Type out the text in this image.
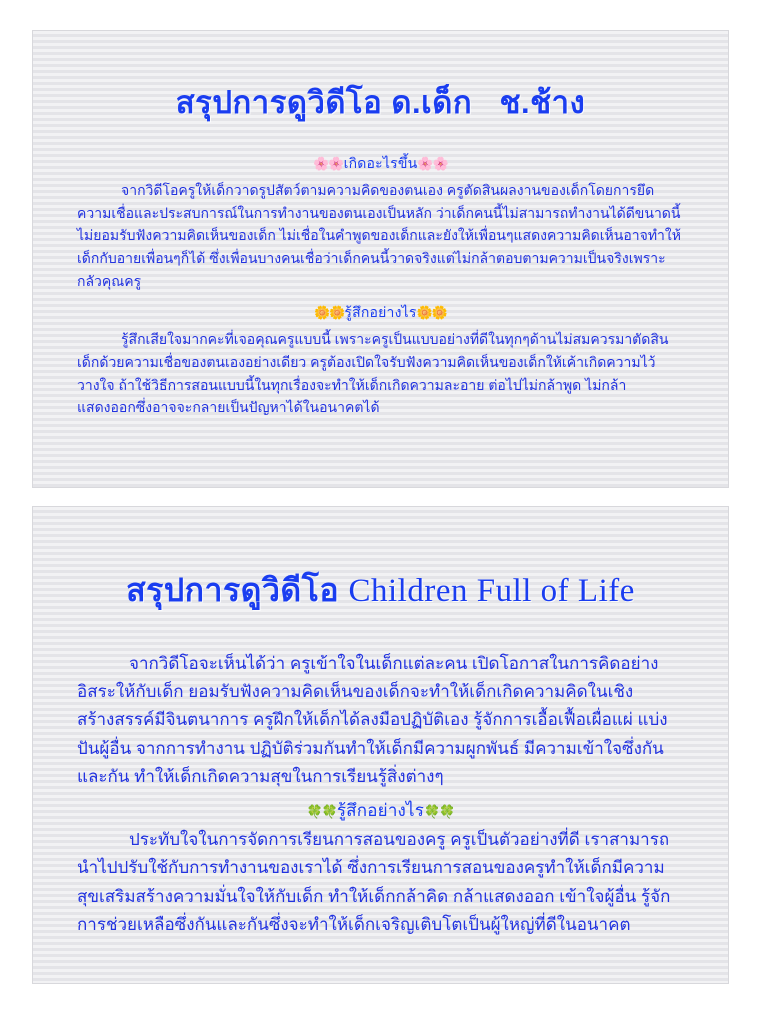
สรุปการดูวิดีโอ ด.เด็ก   ช.ช้าง
🌸🌸เกิดอะไรขึ้น🌸🌸

จากวิดีโอครูให้เด็กวาดรูปสัตว์ตามความคิดของตนเอง ครูตัดสินผลงานของเด็กโดยการยึดความเชื่อและประสบการณ์ในการทำงานของตนเองเป็นหลัก ว่าเด็กคนนี้ไม่สามารถทำงานได้ดีขนาดนี้ ไม่ยอมรับฟังความคิดเห็นของเด็ก ไม่เชื่อในคำพูดของเด็กและยังให้เพื่อนๆแสดงความคิดเห็นอาจทำให้เด็กกับอายเพื่อนๆก็ได้ ซึ่งเพื่อนบางคนเชื่อว่าเด็กคนนี้วาดจริงแต่ไม่กล้าตอบตามความเป็นจริงเพราะกลัวคุณครู

🌼🌼รู้สึกอย่างไร🌼🌼

รู้สึกเสียใจมากคะที่เจอคุณครูแบบนี้ เพราะครูเป็นแบบอย่างที่ดีในทุกๆด้านไม่สมควรมาตัดสินเด็กด้วยความเชื่อของตนเองอย่างเดียว ครูต้องเปิดใจรับฟังความคิดเห็นของเด็กให้เค้าเกิดความไว้วางใจ ถ้าใช้วิธีการสอนแบบนี้ในทุกเรื่องจะทำให้เด็กเกิดความละอาย ต่อไปไม่กล้าพูด ไม่กล้าแสดงออกซึ่งอาจจะกลายเป็นปัญหาได้ในอนาคตได้

สรุปการดูวิดีโอ Children Full of Life

จากวิดีโอจะเห็นได้ว่า ครูเข้าใจในเด็กแต่ละคน เปิดโอกาสในการคิดอย่างอิสระให้กับเด็ก ยอมรับฟังความคิดเห็นของเด็กจะทำให้เด็กเกิดความคิดในเชิงสร้างสรรค์มีจินตนาการ ครูฝึกให้เด็กได้ลงมือปฏิบัติเอง รู้จักการเอื้อเฟื้อเผื่อแผ่ แบ่งปันผู้อื่น จากการทำงาน ปฏิบัติร่วมกันทำให้เด็กมีความผูกพันธ์ มีความเข้าใจซึ่งกันและกัน ทำให้เด็กเกิดความสุขในการเรียนรู้สิ่งต่างๆ

🍀🍀รู้สึกอย่างไร🍀🍀

ประทับใจในการจัดการเรียนการสอนของครู ครูเป็นตัวอย่างที่ดี เราสามารถนำไปปรับใช้กับการทำงานของเราได้ ซึ่งการเรียนการสอนของครูทำให้เด็กมีความสุขเสริมสร้างความมั่นใจให้กับเด็ก ทำให้เด็กกล้าคิด กล้าแสดงออก เข้าใจผู้อื่น รู้จักการช่วยเหลือซึ่งกันและกันซึ่งจะทำให้เด็กเจริญเติบโตเป็นผู้ใหญ่ที่ดีในอนาคต
